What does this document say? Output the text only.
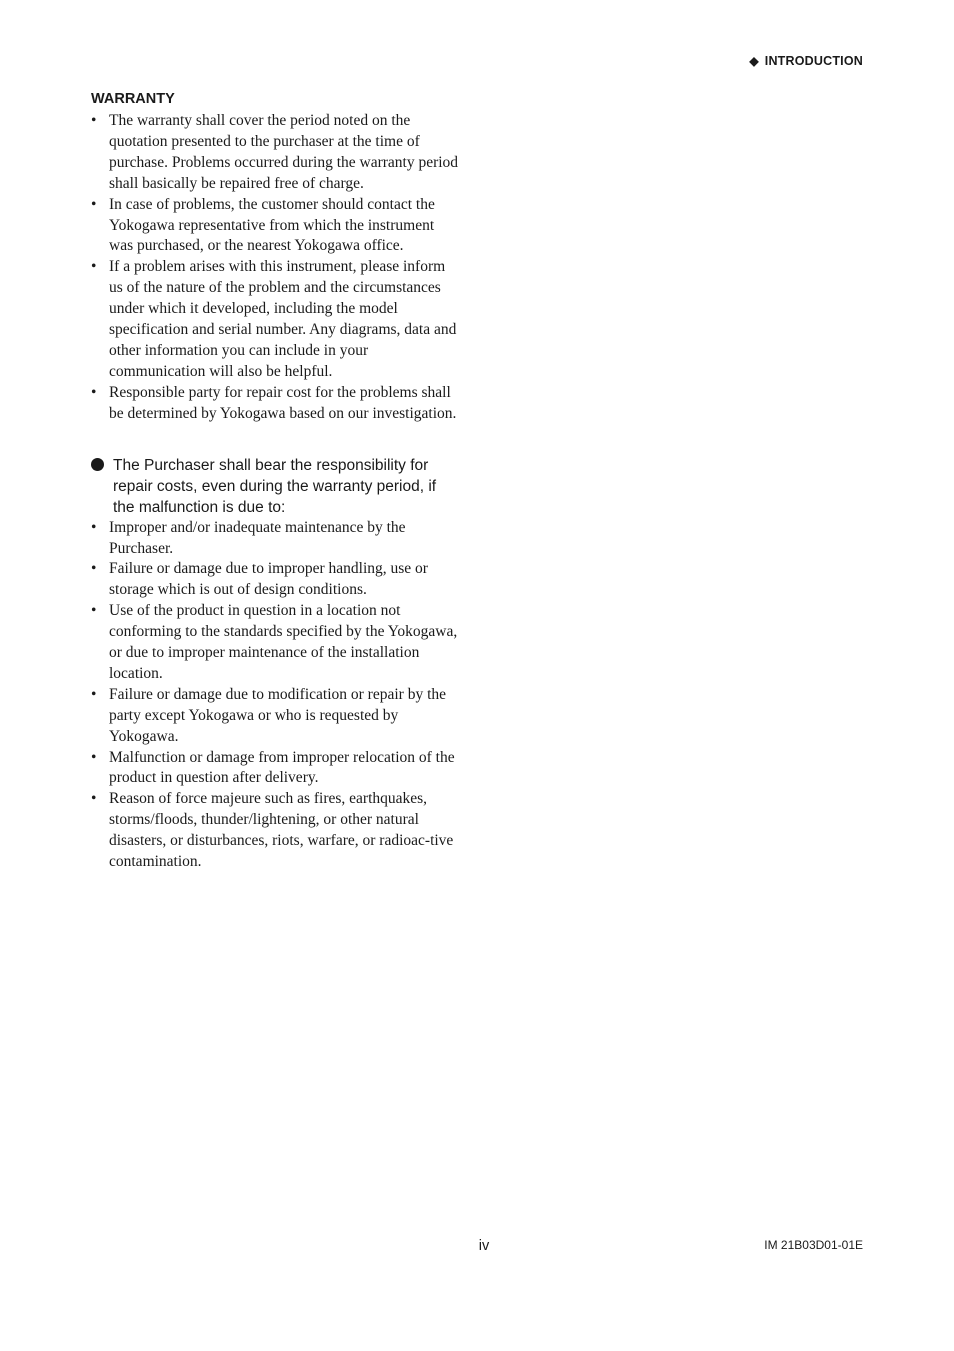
◆ INTRODUCTION
WARRANTY
• The warranty shall cover the period noted on the quotation presented to the purchaser at the time of purchase. Problems occurred during the warranty period shall basically be repaired free of charge.
• In case of problems, the customer should contact the Yokogawa representative from which the instrument was purchased, or the nearest Yokogawa office.
• If a problem arises with this instrument, please inform us of the nature of the problem and the circumstances under which it developed, including the model specification and serial number. Any diagrams, data and other information you can include in your communication will also be helpful.
• Responsible party for repair cost for the problems shall be determined by Yokogawa based on our investigation.
The Purchaser shall bear the responsibility for repair costs, even during the warranty period, if the malfunction is due to:
• Improper and/or inadequate maintenance by the Purchaser.
• Failure or damage due to improper handling, use or storage which is out of design conditions.
• Use of the product in question in a location not conforming to the standards specified by the Yokogawa, or due to improper maintenance of the installation location.
• Failure or damage due to modification or repair by the party except Yokogawa or who is requested by Yokogawa.
• Malfunction or damage from improper relocation of the product in question after delivery.
• Reason of force majeure such as fires, earthquakes, storms/floods, thunder/lightening, or other natural disasters, or disturbances, riots, warfare, or radioac-tive contamination.
iv	IM 21B03D01-01E
